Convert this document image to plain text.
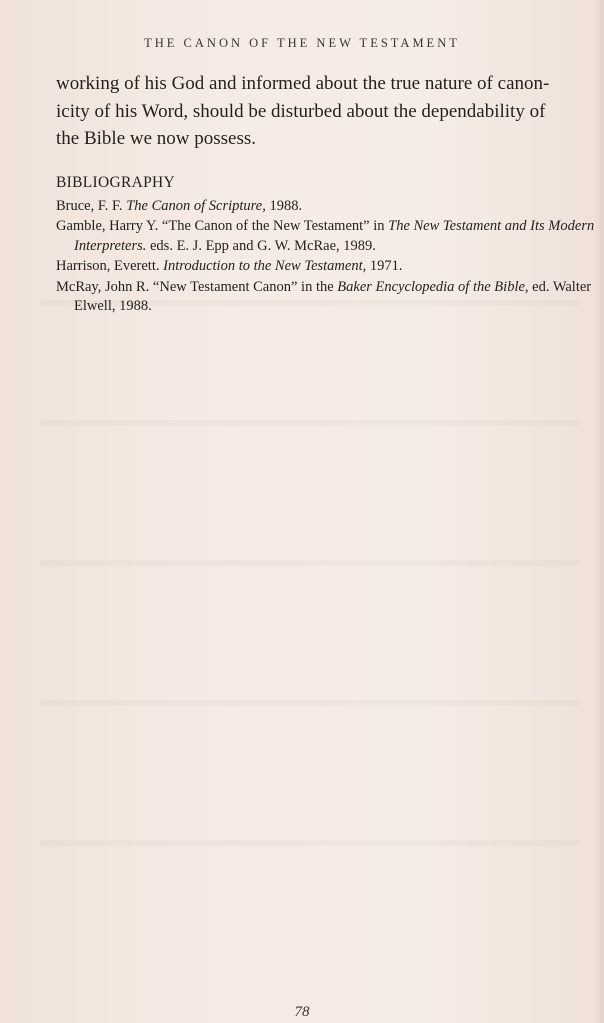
THE CANON OF THE NEW TESTAMENT

working of his God and informed about the true nature of canon-

icity of his Word, should be disturbed about the dependability of

the Bible we now possess.

BIBLIOGRAPHY
Bruce, F. F. The Canon of Scripture, 1988.
Gamble, Harry Y. “The Canon of the New Testament” in The New Testament and Its Modern Interpreters. eds. E. J. Epp and G. W. McRae, 1989.
Harrison, Everett. Introduction to the New Testament, 1971.
McRay, John R. “New Testament Canon” in the Baker Encyclopedia of the Bible, ed. Walter Elwell, 1988.
78
